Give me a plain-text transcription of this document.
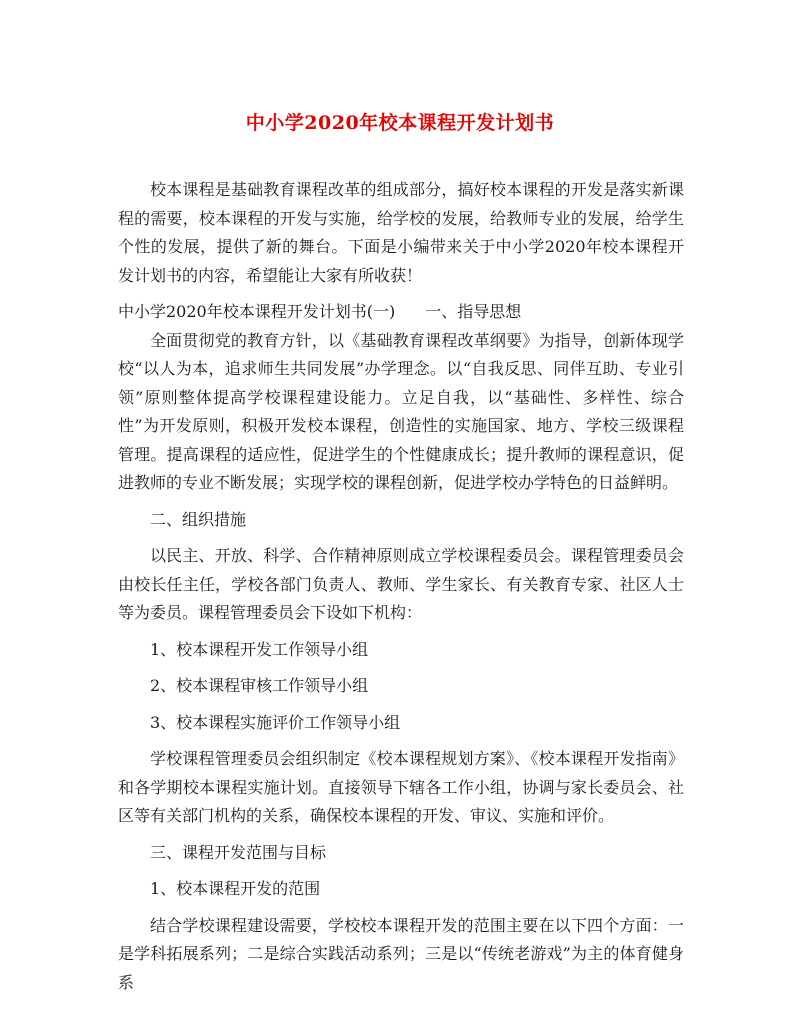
中小学2020年校本课程开发计划书

校本课程是基础教育课程改革的组成部分，搞好校本课程的开发是落实新课程的需要，校本课程的开发与实施，给学校的发展，给教师专业的发展，给学生个性的发展，提供了新的舞台。下面是小编带来关于中小学2020年校本课程开发计划书的内容，希望能让大家有所收获！

中小学2020年校本课程开发计划书(一) 一、指导思想

全面贯彻党的教育方针，以《基础教育课程改革纲要》为指导，创新体现学校“以人为本，追求师生共同发展”办学理念。以“自我反思、同伴互助、专业引领”原则整体提高学校课程建设能力。立足自我，以“基础性、多样性、综合性”为开发原则，积极开发校本课程，创造性的实施国家、地方、学校三级课程管理。提高课程的适应性，促进学生的个性健康成长；提升教师的课程意识，促进教师的专业不断发展；实现学校的课程创新，促进学校办学特色的日益鲜明。

二、组织措施

以民主、开放、科学、合作精神原则成立学校课程委员会。课程管理委员会由校长任主任，学校各部门负责人、教师、学生家长、有关教育专家、社区人士等为委员。课程管理委员会下设如下机构：

1、校本课程开发工作领导小组

2、校本课程审核工作领导小组

3、校本课程实施评价工作领导小组

学校课程管理委员会组织制定《校本课程规划方案》、《校本课程开发指南》和各学期校本课程实施计划。直接领导下辖各工作小组，协调与家长委员会、社区等有关部门机构的关系，确保校本课程的开发、审议、实施和评价。

三、课程开发范围与目标

1、校本课程开发的范围

结合学校课程建设需要，学校校本课程开发的范围主要在以下四个方面：一是学科拓展系列；二是综合实践活动系列；三是以“传统老游戏”为主的体育健身系
